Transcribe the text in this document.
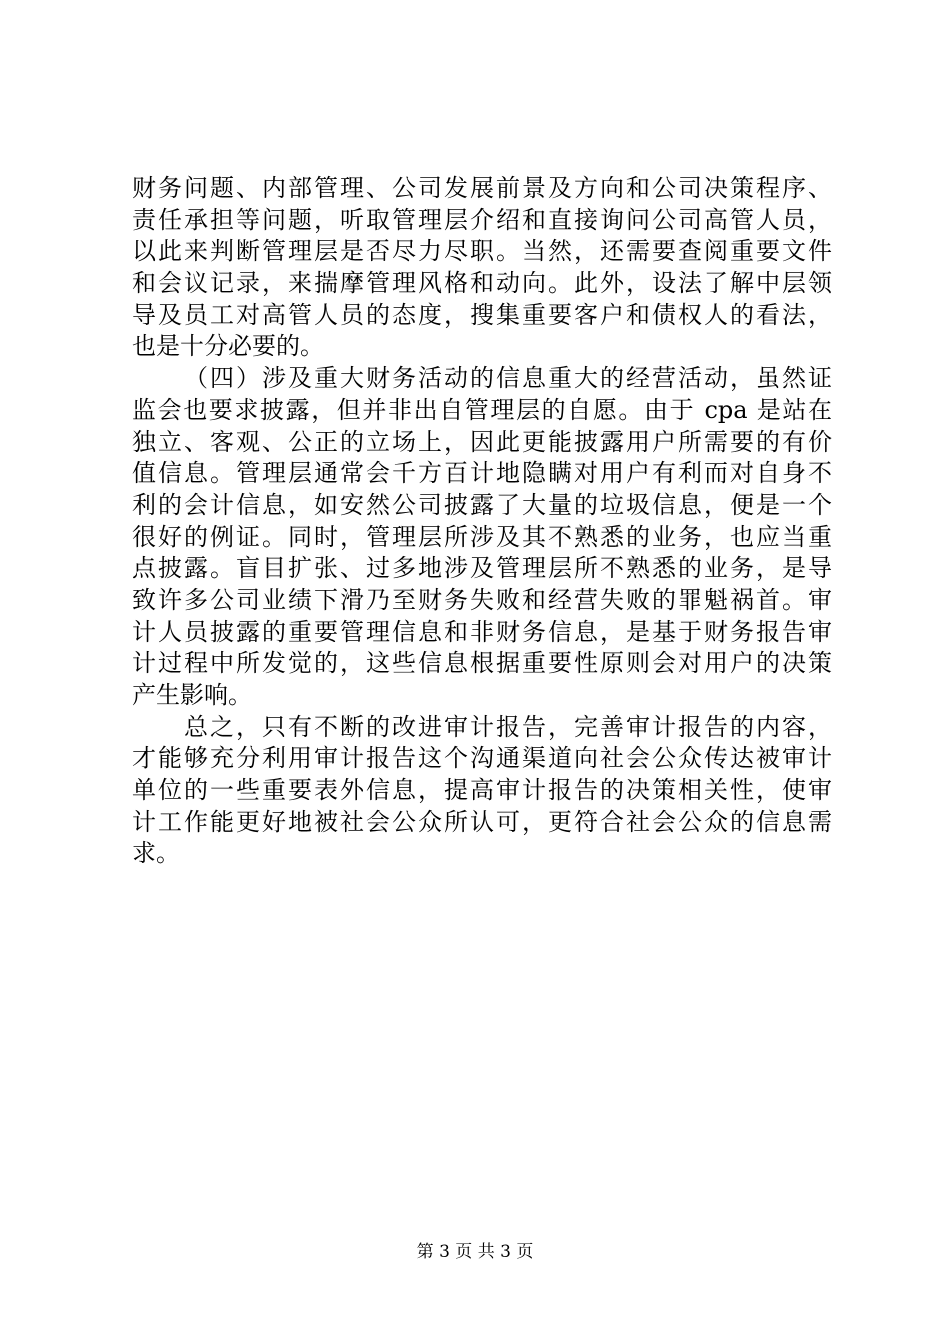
财务问题、内部管理、公司发展前景及方向和公司决策程序、
责任承担等问题，听取管理层介绍和直接询问公司高管人员，
以此来判断管理层是否尽力尽职。当然，还需要查阅重要文件
和会议记录，来揣摩管理风格和动向。此外，设法了解中层领
导及员工对高管人员的态度，搜集重要客户和债权人的看法，
也是十分必要的。
（四）涉及重大财务活动的信息重大的经营活动，虽然证
监会也要求披露，但并非出自管理层的自愿。由于 cpa 是站在
独立、客观、公正的立场上，因此更能披露用户所需要的有价
值信息。管理层通常会千方百计地隐瞒对用户有利而对自身不
利的会计信息，如安然公司披露了大量的垃圾信息，便是一个
很好的例证。同时，管理层所涉及其不熟悉的业务，也应当重
点披露。盲目扩张、过多地涉及管理层所不熟悉的业务，是导
致许多公司业绩下滑乃至财务失败和经营失败的罪魁祸首。审
计人员披露的重要管理信息和非财务信息，是基于财务报告审
计过程中所发觉的，这些信息根据重要性原则会对用户的决策
产生影响。
总之，只有不断的改进审计报告，完善审计报告的内容，
才能够充分利用审计报告这个沟通渠道向社会公众传达被审计
单位的一些重要表外信息，提高审计报告的决策相关性，使审
计工作能更好地被社会公众所认可，更符合社会公众的信息需
求。
第 3 页 共 3 页
